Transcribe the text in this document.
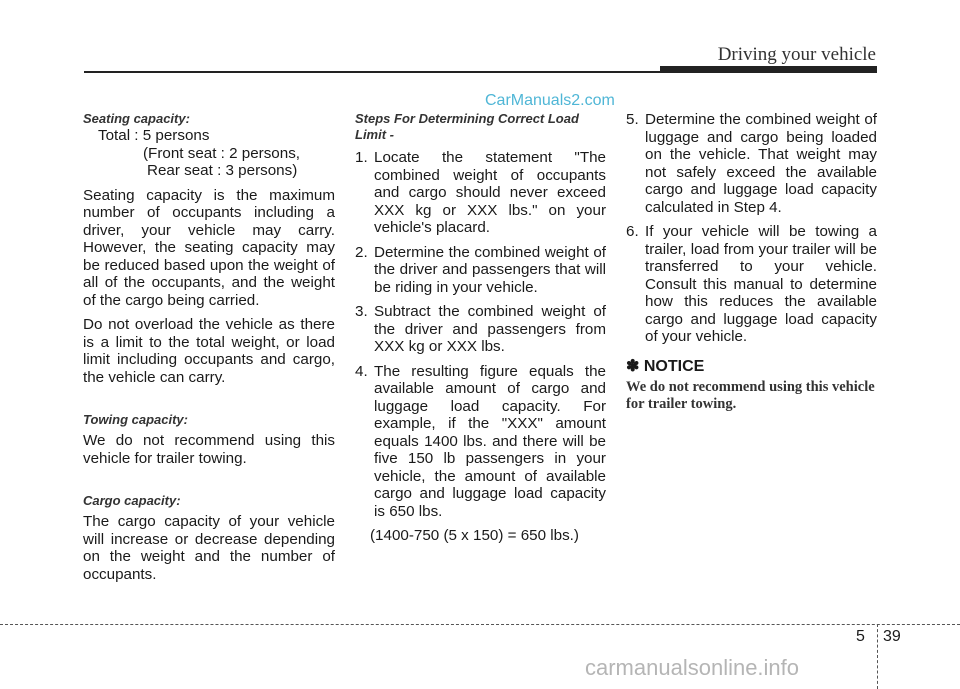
Driving your vehicle
CarManuals2.com
Seating capacity:
Total : 5 persons
(Front seat : 2 persons,
Rear seat : 3 persons)

Seating capacity is the maximum number of occupants including a driver, your vehicle may carry. However, the seating capacity may be reduced based upon the weight of all of the occupants, and the weight of the cargo being carried.

Do not overload the vehicle as there is a limit to the total weight, or load limit including occupants and cargo, the vehicle can carry.

Towing capacity:

We do not recommend using this vehicle for trailer towing.

Cargo capacity:

The cargo capacity of your vehicle will increase or decrease depending on the weight and the number of occupants.

Steps For Determining Correct Load Limit -
1. Locate the statement "The combined weight of occupants and cargo should never exceed XXX kg or XXX lbs." on your vehicle's placard.
2. Determine the combined weight of the driver and passengers that will be riding in your vehicle.
3. Subtract the combined weight of the driver and passengers from XXX kg or XXX lbs.
4. The resulting figure equals the available amount of cargo and luggage load capacity. For example, if the "XXX" amount equals 1400 lbs. and there will be five 150 lb passengers in your vehicle, the amount of available cargo and luggage load capacity is 650 lbs.
(1400-750 (5 x 150) = 650 lbs.)
5. Determine the combined weight of luggage and cargo being loaded on the vehicle. That weight may not safely exceed the available cargo and luggage load capacity calculated in Step 4.
6. If your vehicle will be towing a trailer, load from your trailer will be transferred to your vehicle. Consult this manual to determine how this reduces the available cargo and luggage load capacity of your vehicle.
✽ NOTICE
We do not recommend using this vehicle for trailer towing.
5 39
carmanualsonline.info
